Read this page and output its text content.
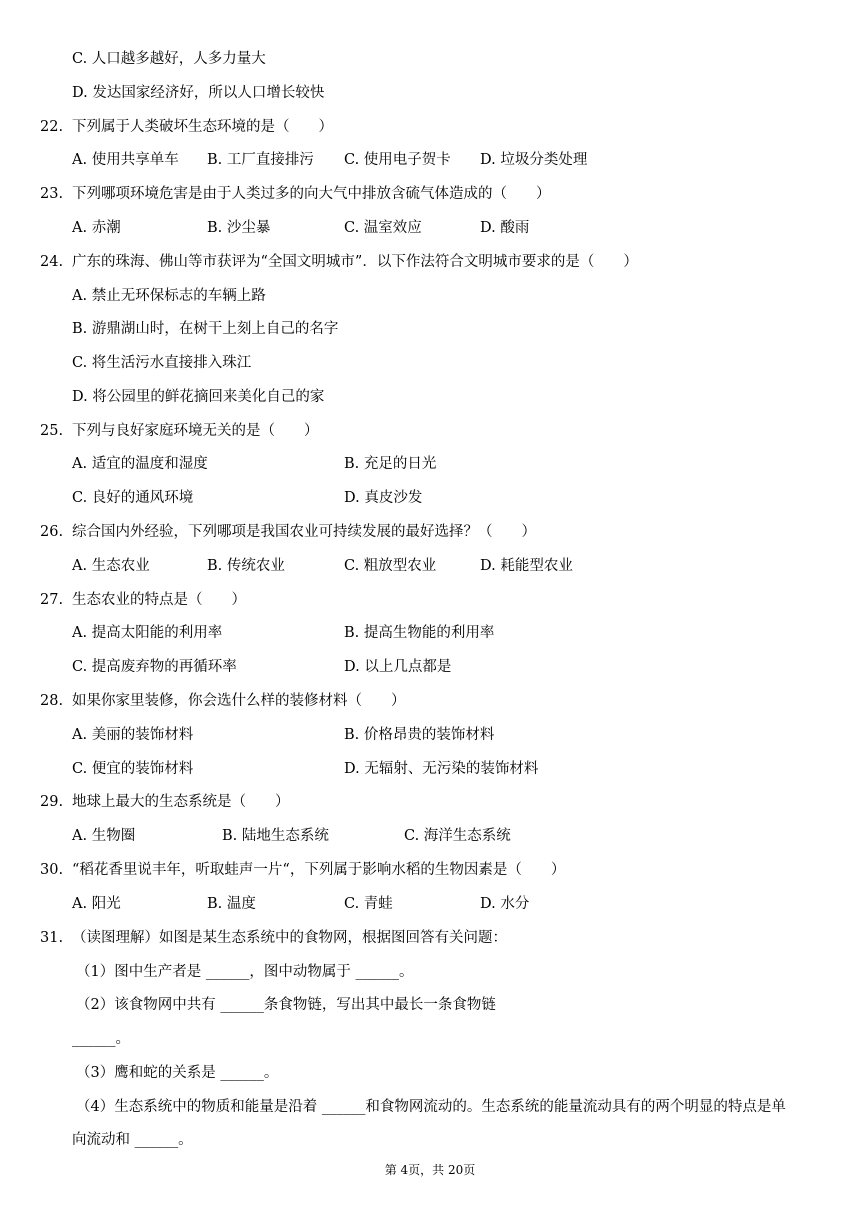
C. 人口越多越好，人多力量大
D. 发达国家经济好，所以人口增长较快
22. 下列属于人类破坏生态环境的是（　　）
A. 使用共享单车 B. 工厂直接排污 C. 使用电子贺卡 D. 垃圾分类处理
23. 下列哪项环境危害是由于人类过多的向大气中排放含硫气体造成的（　　）
A. 赤潮	B. 沙尘暴	C. 温室效应	D. 酸雨
24. 广东的珠海、佛山等市获评为“全国文明城市”．以下作法符合文明城市要求的是（　　）
A. 禁止无环保标志的车辆上路
B. 游鼎湖山时，在树干上刻上自己的名字
C. 将生活污水直接排入珠江
D. 将公园里的鲜花摘回来美化自己的家
25. 下列与良好家庭环境无关的是（　　）
A. 适宜的温度和湿度	B. 充足的日光
C. 良好的通风环境	D. 真皮沙发
26. 综合国内外经验，下列哪项是我国农业可持续发展的最好选择？（　　）
A. 生态农业	B. 传统农业	C. 粗放型农业	D. 耗能型农业
27. 生态农业的特点是（　　）
A. 提高太阳能的利用率	B. 提高生物能的利用率
C. 提高废弃物的再循环率	D. 以上几点都是
28. 如果你家里装修，你会选什么样的装修材料（　　）
A. 美丽的装饰材料	B. 价格昂贵的装饰材料
C. 便宜的装饰材料	D. 无辐射、无污染的装饰材料
29. 地球上最大的生态系统是（　　）
A. 生物圈	B. 陆地生态系统	C. 海洋生态系统
30. “稻花香里说丰年，听取蛙声一片“，下列属于影响水稻的生物因素是（　　）
A. 阳光	B. 温度	C. 青蛙	D. 水分
31. （读图理解）如图是某生态系统中的食物网，根据图回答有关问题：
（1）图中生产者是 ______，图中动物属于 ______。
（2）该食物网中共有 ______条食物链，写出其中最长一条食物链
______。
（3）鹰和蛇的关系是 ______。
（4）生态系统中的物质和能量是沿着 ______和食物网流动的。生态系统的能量流动具有的两个明显的特点是单
向流动和 ______。
第 4页，共 20页
